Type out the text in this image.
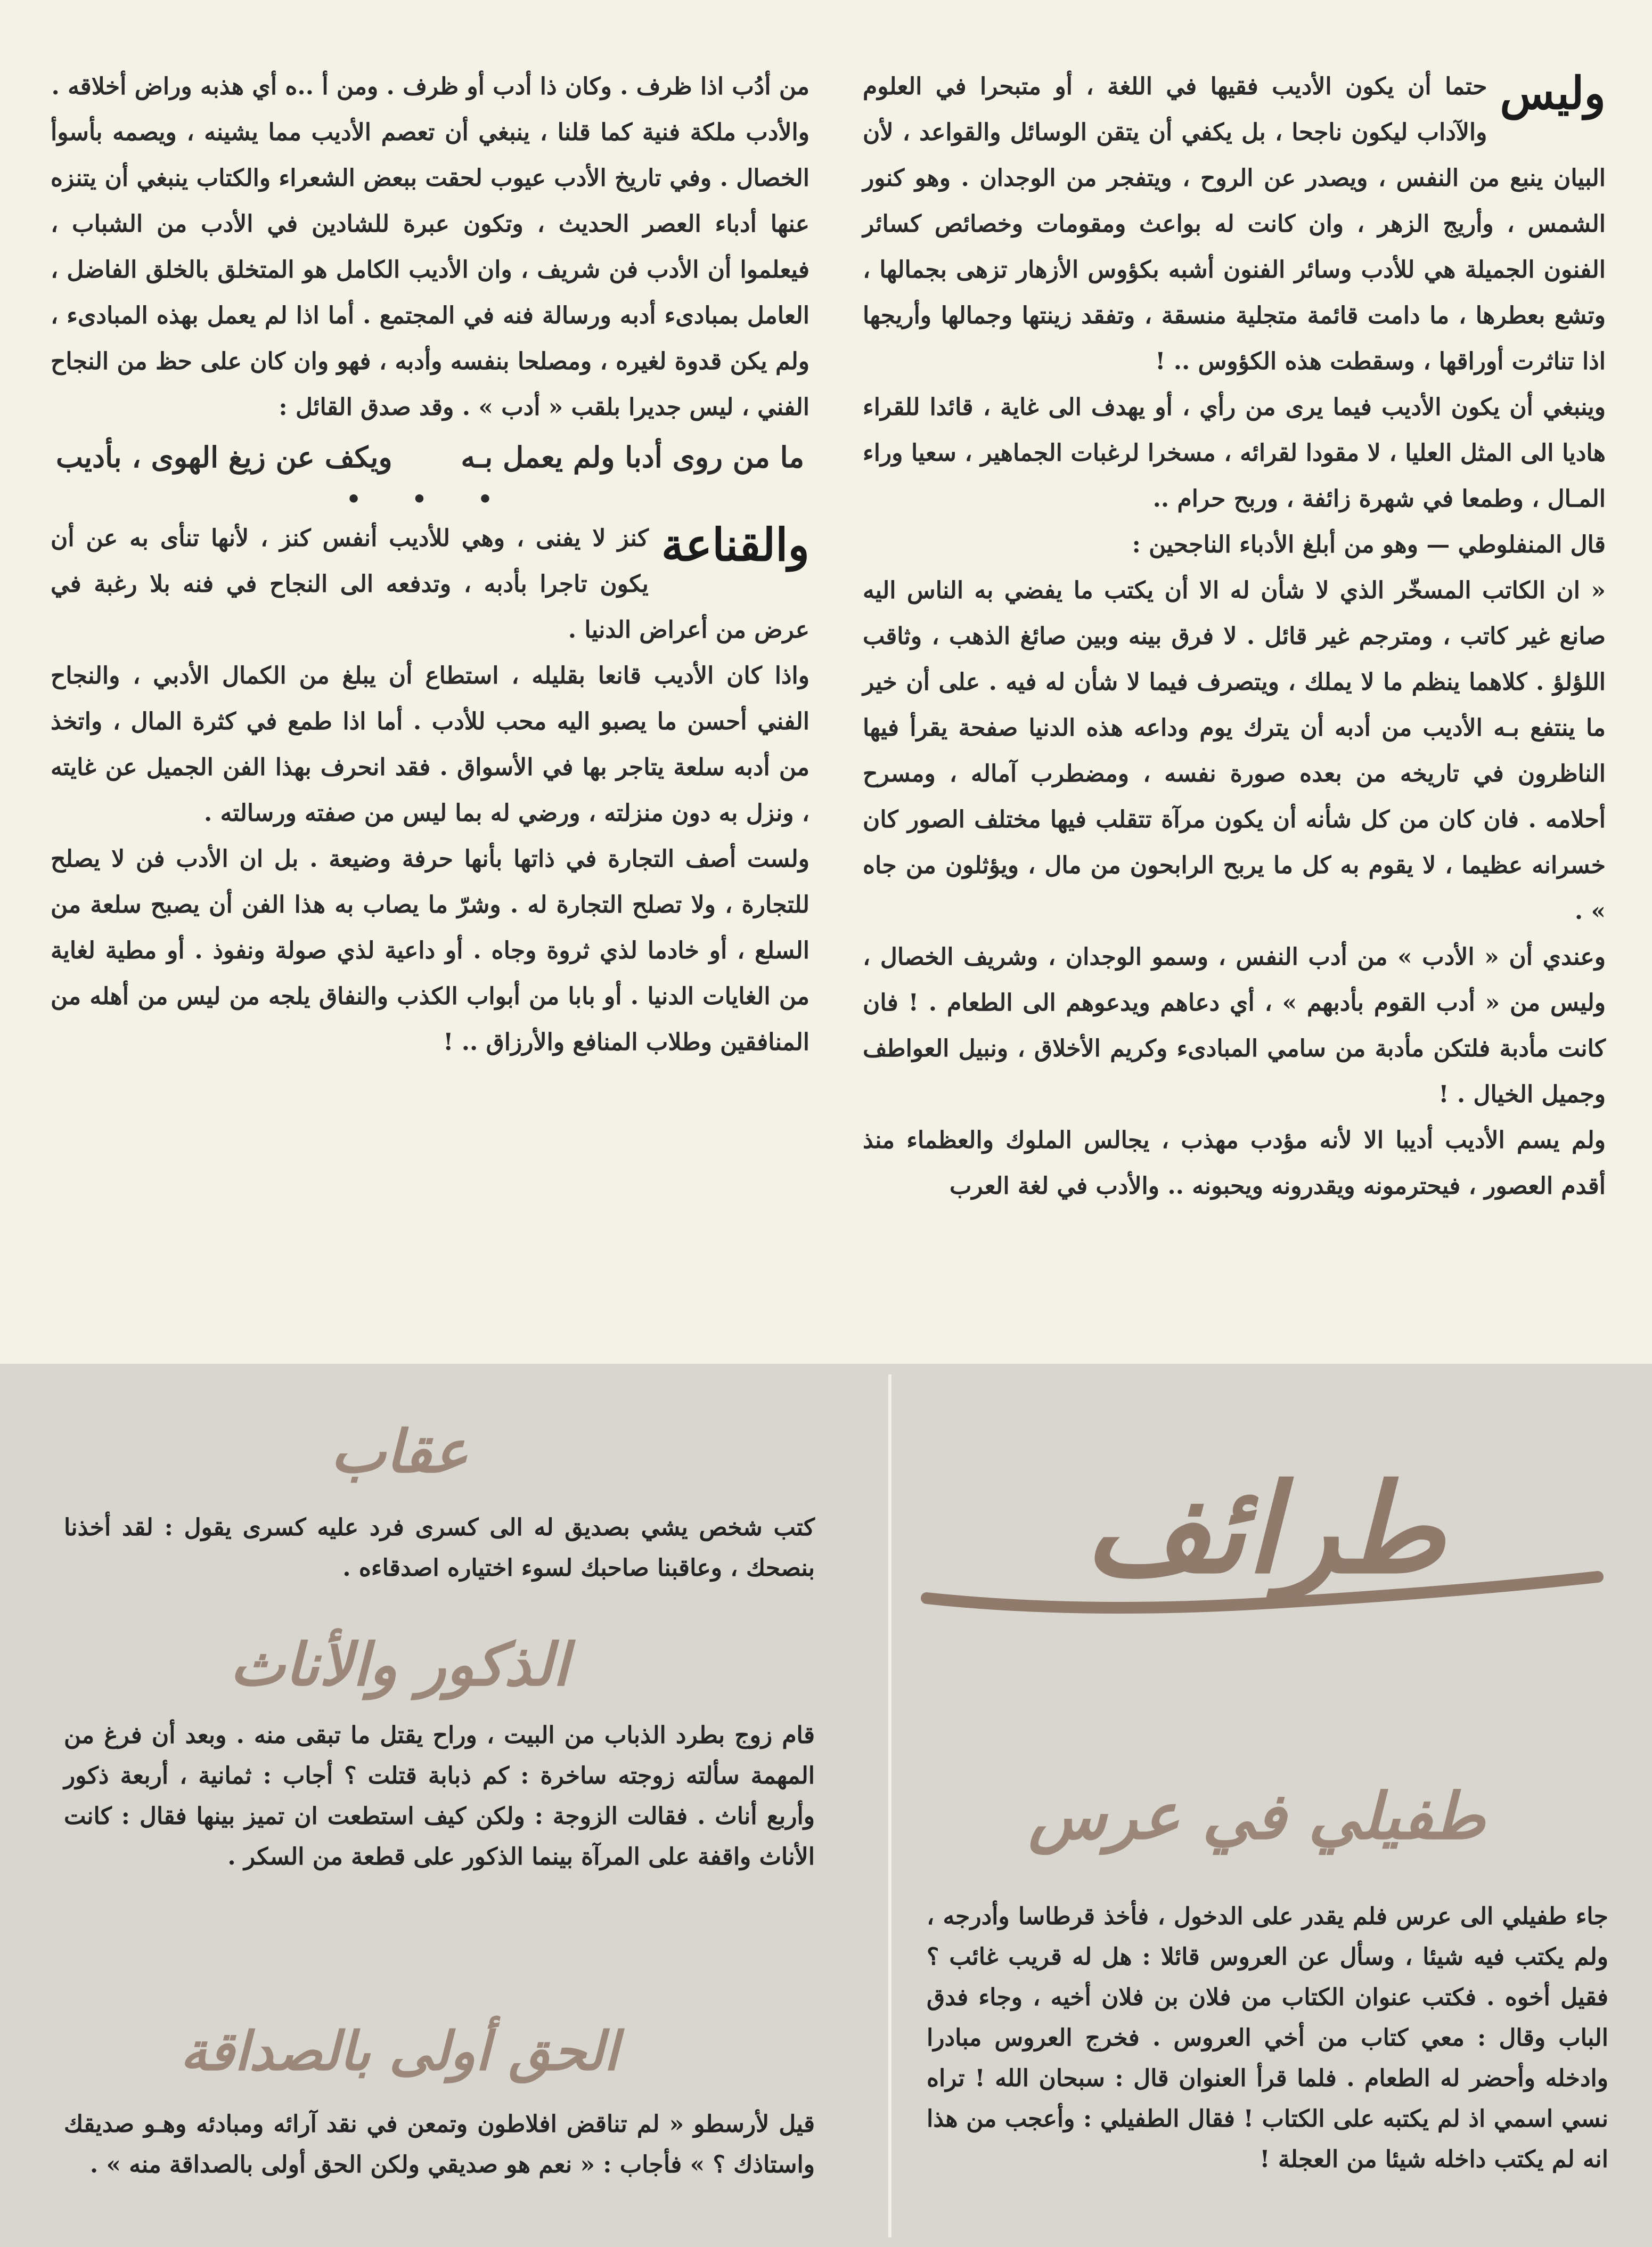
وليس

حتما أن يكون الأديب فقيها في اللغة ، أو متبحرا في العلوم والآداب ليكون ناجحا ، بل يكفي أن يتقن الوسائل والقواعد ، لأن البيان ينبع من النفس ، ويصدر عن الروح ، ويتفجر من الوجدان . وهو كنور الشمس ، وأريج الزهر ، وان كانت له بواعث ومقومات وخصائص كسائر الفنون الجميلة هي للأدب وسائر الفنون أشبه بكؤوس الأزهار تزهى بجمالها ، وتشع بعطرها ، ما دامت قائمة متجلية منسقة ، وتفقد زينتها وجمالها وأريجها اذا تناثرت أوراقها ، وسقطت هذه الكؤوس .. !

وينبغي أن يكون الأديب فيما يرى من رأي ، أو يهدف الى غاية ، قائدا للقراء هاديا الى المثل العليا ، لا مقودا لقرائه ، مسخرا لرغبات الجماهير ، سعيا وراء المـال ، وطمعا في شهرة زائفة ، وربح حرام ..

قال المنفلوطي — وهو من أبلغ الأدباء الناجحين :

« ان الكاتب المسخّر الذي لا شأن له الا أن يكتب ما يفضي به الناس اليه صانع غير كاتب ، ومترجم غير قائل . لا فرق بينه وبين صائغ الذهب ، وثاقب اللؤلؤ . كلاهما ينظم ما لا يملك ، ويتصرف فيما لا شأن له فيه . على أن خير ما ينتفع بـه الأديب من أدبه أن يترك يوم وداعه هذه الدنيا صفحة يقرأ فيها الناظرون في تاريخه من بعده صورة نفسه ، ومضطرب آماله ، ومسرح أحلامه . فان كان من كل شأنه أن يكون مرآة تتقلب فيها مختلف الصور كان خسرانه عظيما ، لا يقوم به كل ما يربح الرابحون من مال ، ويؤثلون من جاه » .

وعندي أن « الأدب » من أدب النفس ، وسمو الوجدان ، وشريف الخصال ، وليس من « أدب القوم بأدبهم » ، أي دعاهم ويدعوهم الى الطعام . ! فان كانت مأدبة فلتكن مأدبة من سامي المبادىء وكريم الأخلاق ، ونبيل العواطف وجميل الخيال . !

ولم يسم الأديب أديبا الا لأنه مؤدب مهذب ، يجالس الملوك والعظماء منذ أقدم العصور ، فيحترمونه ويقدرونه ويحبونه .. والأدب في لغة العرب

من أدُب اذا ظرف . وكان ذا أدب أو ظرف . ومن أ ..ه أي هذبه وراض أخلاقه .

والأدب ملكة فنية كما قلنا ، ينبغي أن تعصم الأديب مما يشينه ، ويصمه بأسوأ الخصال . وفي تاريخ الأدب عيوب لحقت ببعض الشعراء والكتاب ينبغي أن يتنزه عنها أدباء العصر الحديث ، وتكون عبرة للشادين في الأدب من الشباب ، فيعلموا أن الأدب فن شريف ، وان الأديب الكامل هو المتخلق بالخلق الفاضل ، العامل بمبادىء أدبه ورسالة فنه في المجتمع . أما اذا لم يعمل بهذه المبادىء ، ولم يكن قدوة لغيره ، ومصلحا بنفسه وأدبه ، فهو وان كان على حظ من النجاح الفني ، ليس جديرا بلقب « أدب » . وقد صدق القائل :

ما من روى أدبا ولم يعمل بـه
ويكف عن زيغ الهوى ، بأديب
• • •
والقناعة

كنز لا يفنى ، وهي للأديب أنفس كنز ، لأنها تنأى به عن أن يكون تاجرا بأدبه ، وتدفعه الى النجاح في فنه بلا رغبة في عرض من أعراض الدنيا .

واذا كان الأديب قانعا بقليله ، استطاع أن يبلغ من الكمال الأدبي ، والنجاح الفني أحسن ما يصبو اليه محب للأدب . أما اذا طمع في كثرة المال ، واتخذ من أدبه سلعة يتاجر بها في الأسواق . فقد انحرف بهذا الفن الجميل عن غايته ، ونزل به دون منزلته ، ورضي له بما ليس من صفته ورسالته .

ولست أصف التجارة في ذاتها بأنها حرفة وضيعة . بل ان الأدب فن لا يصلح للتجارة ، ولا تصلح التجارة له . وشرّ ما يصاب به هذا الفن أن يصبح سلعة من السلع ، أو خادما لذي ثروة وجاه . أو داعية لذي صولة ونفوذ . أو مطية لغاية من الغايات الدنيا . أو بابا من أبواب الكذب والنفاق يلجه من ليس من أهله من المنافقين وطلاب المنافع والأرزاق .. !

طرائف
طفيلي في عرس

جاء طفيلي الى عرس فلم يقدر على الدخول ، فأخذ قرطاسا وأدرجه ، ولم يكتب فيه شيئا ، وسأل عن العروس قائلا : هل له قريب غائب ؟ فقيل أخوه . فكتب عنوان الكتاب من فلان بن فلان أخيه ، وجاء فدق الباب وقال : معي كتاب من أخي العروس . فخرج العروس مبادرا وادخله وأحضر له الطعام . فلما قرأ العنوان قال : سبحان الله ! تراه نسي اسمي اذ لم يكتبه على الكتاب ! فقال الطفيلي : وأعجب من هذا انه لم يكتب داخله شيئا من العجلة !

عقاب

كتب شخص يشي بصديق له الى كسرى فرد عليه كسرى يقول : لقد أخذنا بنصحك ، وعاقبنا صاحبك لسوء اختياره اصدقاءه .

الذكور والأناث

قام زوج بطرد الذباب من البيت ، وراح يقتل ما تبقى منه . وبعد أن فرغ من المهمة سألته زوجته ساخرة : كم ذبابة قتلت ؟ أجاب : ثمانية ، أربعة ذكور وأربع أناث . فقالت الزوجة : ولكن كيف استطعت ان تميز بينها فقال : كانت الأناث واقفة على المرآة بينما الذكور على قطعة من السكر .

الحق أولى بالصداقة

قيل لأرسطو « لم تناقض افلاطون وتمعن في نقد آرائه ومبادئه وهـو صديقك واستاذك ؟ » فأجاب : « نعم هو صديقي ولكن الحق أولى بالصداقة منه » .
